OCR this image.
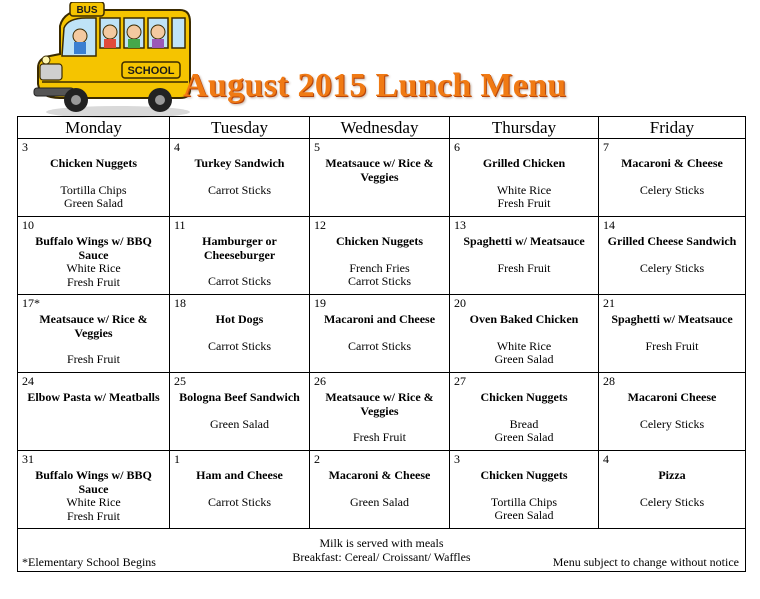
BUS
SCHOOL August 2015 Lunch Menu
Monday	Tuesday	Wednesday	Thursday	Friday

3
Chicken Nuggets
Tortilla Chips
Green Salad	4
Turkey Sandwich
Carrot Sticks	5
Meatsauce w/ Rice & Veggies	6
Grilled Chicken
White Rice
Fresh Fruit	7
Macaroni & Cheese
Celery Sticks

10
Buffalo Wings w/ BBQ Sauce
White Rice
Fresh Fruit	11
Hamburger or Cheeseburger
Carrot Sticks	12
Chicken Nuggets
French Fries
Carrot Sticks	13
Spaghetti w/ Meatsauce
Fresh Fruit	14
Grilled Cheese Sandwich
Celery Sticks

17*
Meatsauce w/ Rice & Veggies
Fresh Fruit	18
Hot Dogs
Carrot Sticks	19
Macaroni and Cheese
Carrot Sticks	20
Oven Baked Chicken
White Rice
Green Salad	21
Spaghetti w/ Meatsauce
Fresh Fruit

24
Elbow Pasta w/ Meatballs	25
Bologna Beef Sandwich
Green Salad	26
Meatsauce w/ Rice & Veggies
Fresh Fruit	27
Chicken Nuggets
Bread
Green Salad	28
Macaroni Cheese
Celery Sticks

31
Buffalo Wings w/ BBQ Sauce
White Rice
Fresh Fruit	1
Ham and Cheese
Carrot Sticks	2
Macaroni & Cheese
Green Salad	3
Chicken Nuggets
Tortilla Chips
Green Salad	4
Pizza
Celery Sticks

Milk is served with meals
Breakfast: Cereal/ Croissant/ Waffles
*Elementary School Begins Menu subject to change without notice				
